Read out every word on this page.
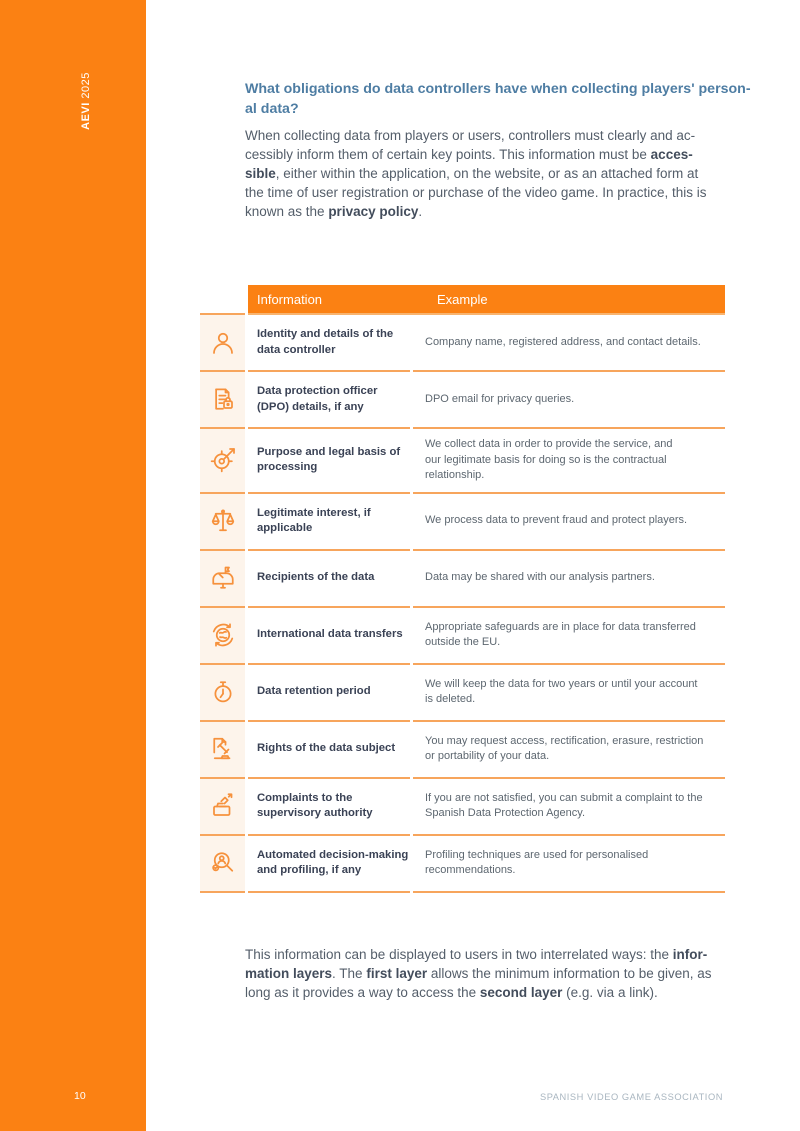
AEVI 2025
10
What obligations do data controllers have when collecting players' person-
al data?
When collecting data from players or users, controllers must clearly and ac-
cessibly inform them of certain key points. This information must be acces-
sible, either within the application, on the website, or as an attached form at
the time of user registration or purchase of the video game. In practice, this is
known as the privacy policy.
Information	Example
Identity and details of the
data controller
Company name, registered address, and contact details.
Data protection officer
(DPO) details, if any
DPO email for privacy queries.
Purpose and legal basis of
processing
We collect data in order to provide the service, and
our legitimate basis for doing so is the contractual
relationship.
Legitimate interest, if
applicable
We process data to prevent fraud and protect players.
Recipients of the data	Data may be shared with our analysis partners.
International data transfers
Appropriate safeguards are in place for data transferred
outside the EU.
Data retention period
We will keep the data for two years or until your account
is deleted.
Rights of the data subject
You may request access, rectification, erasure, restriction
or portability of your data.
Complaints to the
supervisory authority
If you are not satisfied, you can submit a complaint to the
Spanish Data Protection Agency.
Automated decision-making
and profiling, if any
Profiling techniques are used for personalised
recommendations.
This information can be displayed to users in two interrelated ways: the infor-
mation layers. The first layer allows the minimum information to be given, as
long as it provides a way to access the second layer (e.g. via a link).
SPANISH VIDEO GAME ASSOCIATION
